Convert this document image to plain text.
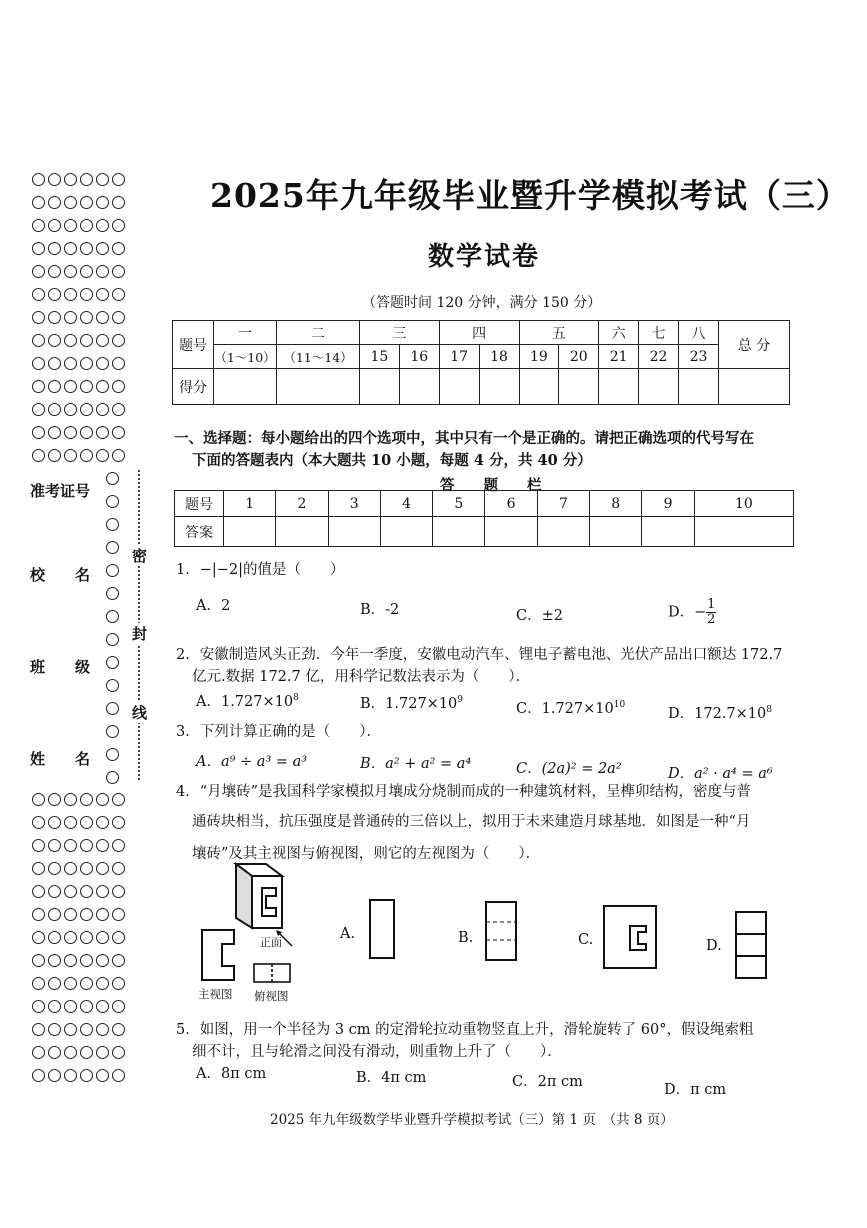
密
封
线
准考证号
校　　名
班　　级
姓　　名
2025年九年级毕业暨升学模拟考试（三）
数学试卷
（答题时间 120 分钟，满分 150 分）
题号	一	二	三		四		五		六	七	八	总 分
	（1～10）	（11～14）	15	16	17	18	19	20	21	22	23	
得分												
一、选择题：每小题给出的四个选项中，其中只有一个是正确的。请把正确选项的代号写在
下面的答题表内（本大题共 10 小题，每题 4 分，共 40 分）
答　　题　　栏
题号	1	2	3	4	5	6	7	8	9	10
答案										
1．−|−2|的值是（　　）
A．2	B．-2	C．±2	D．− $\frac{1}{2}$
2．安徽制造风头正劲．今年一季度，安徽电动汽车、锂电子蓄电池、光伏产品出口额达 172.7
亿元.数据 172.7 亿，用科学记数法表示为（　　）．
A．$1.727\times 10^8$	B．$1.727\times 10^9$
C．$1.727\times 10^{10}$
D．$172.7\times 10^8$
3．下列计算正确的是（　　）．
A．a⁹ ÷ a³ = a³	B．a² + a² = a⁴	C．(2a)² = 2a²	D．a² · a⁴ = a⁶
4．“月壤砖”是我国科学家模拟月壤成分烧制而成的一种建筑材料，呈榫卯结构，密度与普
通砖块相当，抗压强度是普通砖的三倍以上，拟用于未来建造月球基地．如图是一种“月
壤砖”及其主视图与俯视图，则它的左视图为（　　）．
正面
主视图 俯视图
A.	B.	C.	D.
5．如图，用一个半径为 3 cm 的定滑轮拉动重物竖直上升，滑轮旋转了 60°，假设绳索粗
细不计，且与轮滑之间没有滑动，则重物上升了（　　）．
A．8π cm	B．4π cm	C．2π cm	D．π cm
2025 年九年级数学毕业暨升学模拟考试（三）第 1 页　（共 8 页）
